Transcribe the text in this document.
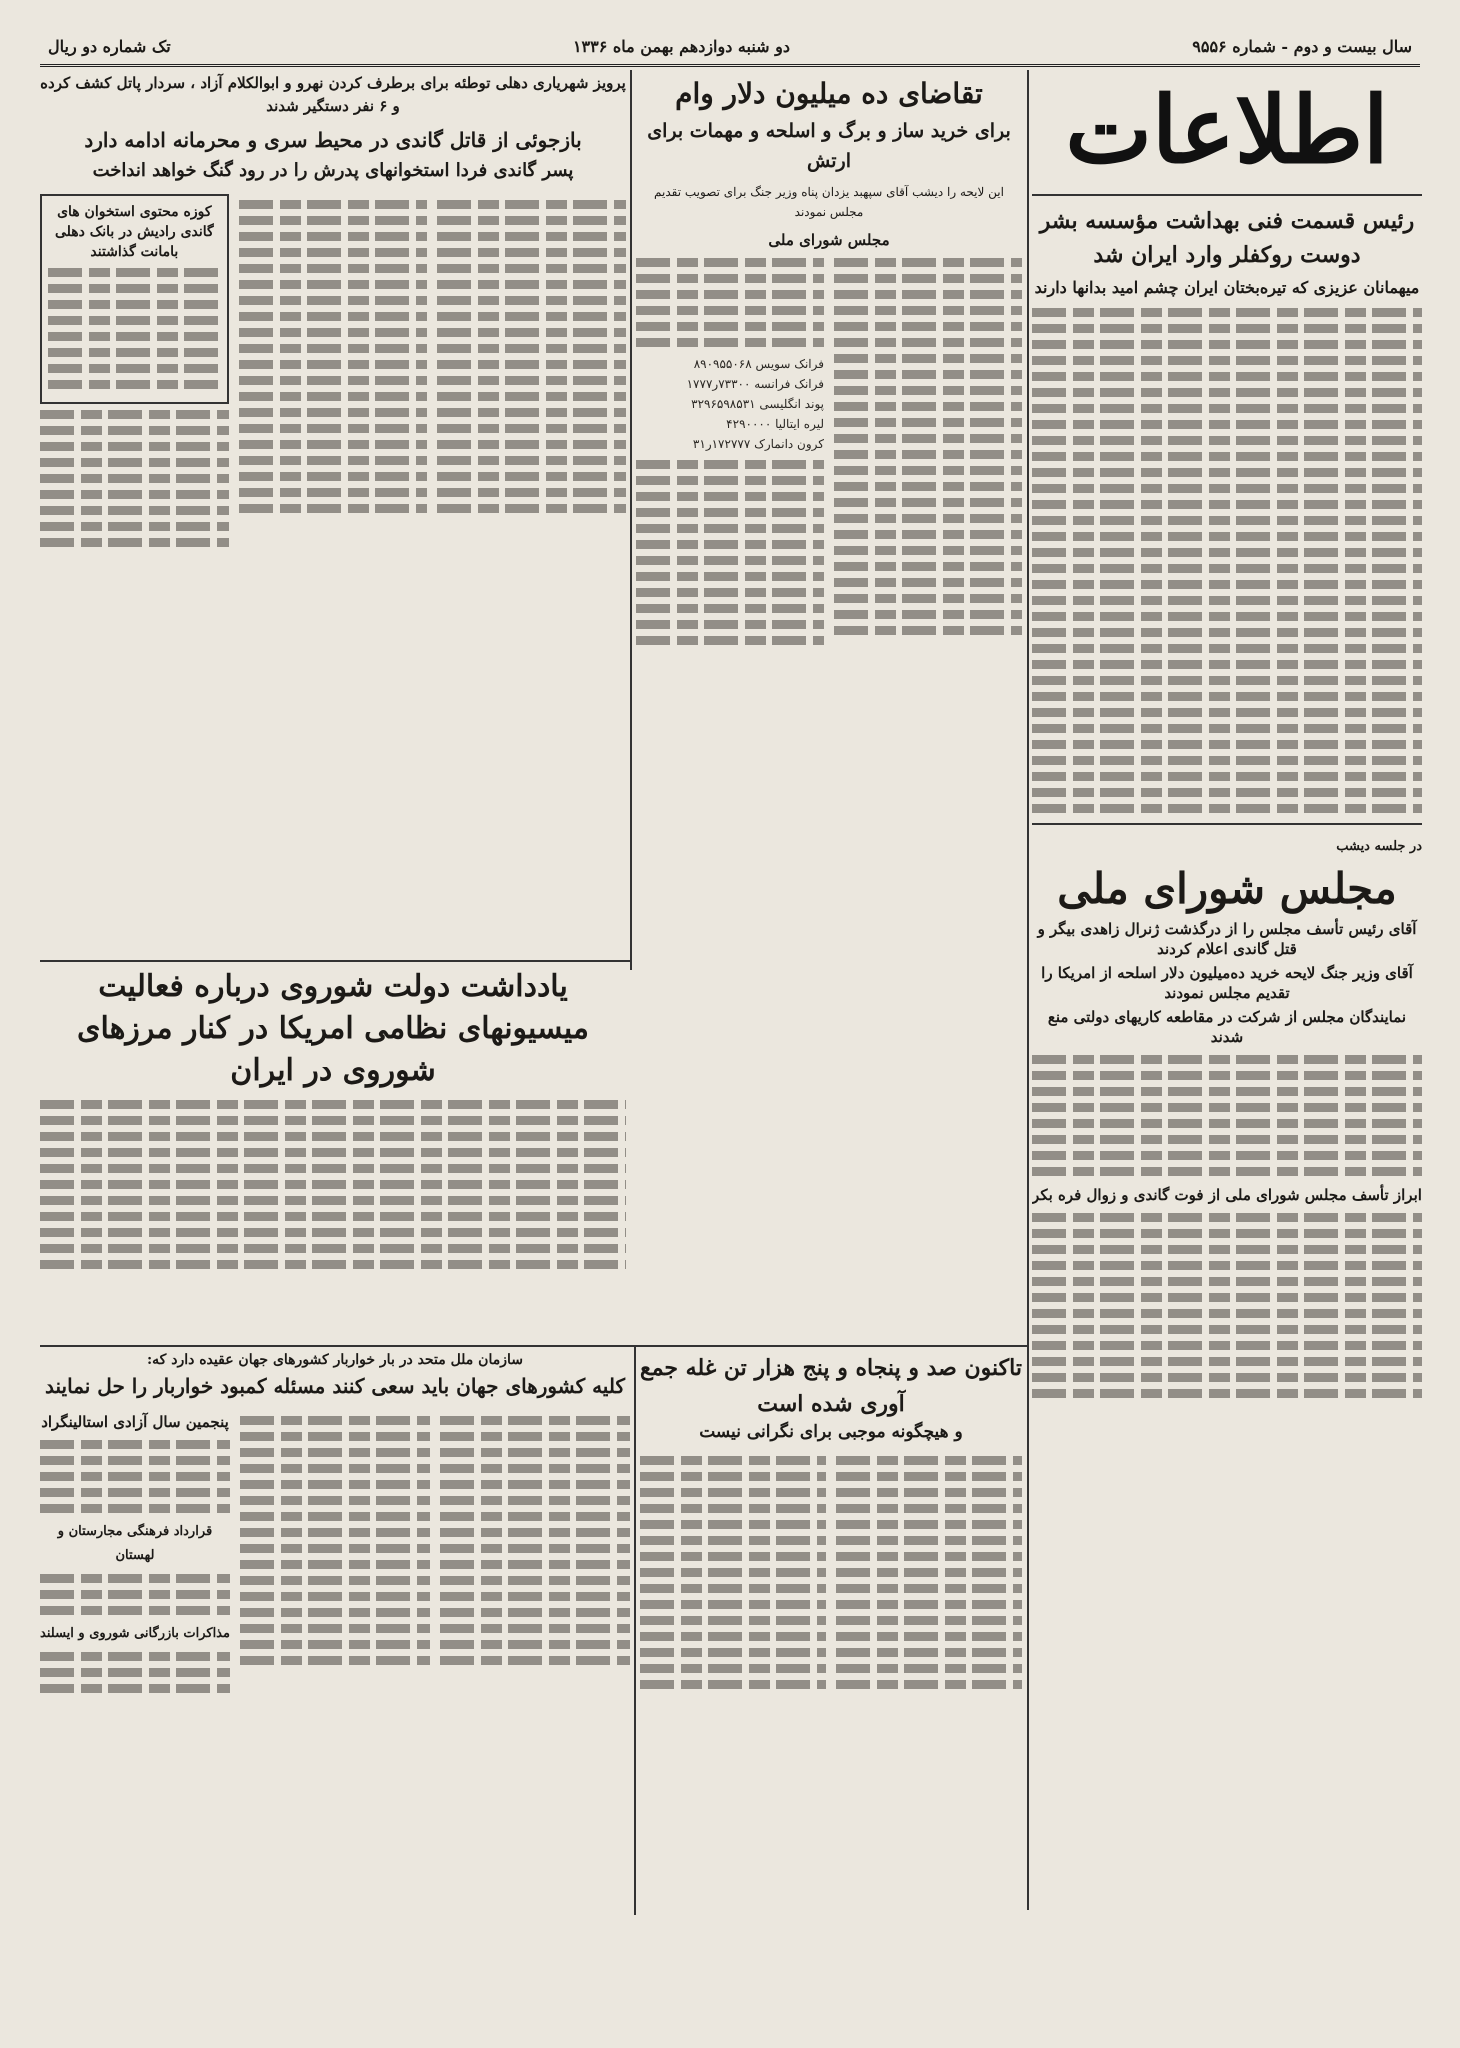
سال بیست و دوم - شماره ۹۵۵۶
دو شنبه دوازدهم بهمن ماه ۱۳۳۶
تک شماره دو ریال
اطلاعات
رئیس قسمت فنی بهداشت مؤسسه بشر دوست روکفلر وارد ایران شد
میهمانان عزیزی که تیره‌بختان ایران چشم امید بدانها دارند
در جلسه دیشب
مجلس شورای ملی
آقای رئیس تأسف مجلس را از درگذشت ژنرال زاهدی بیگر و قتل گاندی اعلام کردند
آقای وزیر جنگ لایحه خرید ده‌میلیون دلار اسلحه از امریکا را تقدیم مجلس نمودند
نمایندگان مجلس از شرکت در مقاطعه کاریهای دولتی منع شدند
ابراز تأسف مجلس شورای ملی از فوت گاندی و زوال فره بکر
تقاضای ده میلیون دلار وام
برای خرید ساز و برگ و اسلحه و مهمات برای ارتش
این لایحه را دیشب آقای سپهبد یزدان پناه وزیر جنگ برای تصویب تقدیم مجلس نمودند
مجلس شورای ملی
فرانک سویس ۸۹۰۹۵۵۰۶۸
فرانک فرانسه ۷۳۳۰۰ر۱۷۷۷
پوند انگلیسی ۳۲۹۶۵۹۸۵۳۱
لیره ایتالیا ۴۲۹۰۰۰۰
کرون دانمارک ۱۷۲۷۷۷ر۳۱
پرویز شهریاری دهلی توطئه برای برطرف کردن نهرو و ابوالکلام آزاد ، سردار پاتل کشف کرده و ۶ نفر دستگیر شدند
بازجوئی از قاتل گاندی در محیط سری و محرمانه ادامه دارد
پسر گاندی فردا استخوانهای پدرش را در رود گنگ خواهد انداخت
کوزه محتوی استخوان های گاندی رادیش در بانک دهلی بامانت گذاشتند
یادداشت دولت شوروی درباره فعالیت میسیونهای نظامی امریکا در کنار مرزهای شوروی در ایران
سازمان ملل متحد در بار خواربار کشورهای جهان عقیده دارد که:
کلیه کشورهای جهان باید سعی کنند مسئله کمبود خواربار را حل نمایند
پنجمین سال آزادی استالینگراد
قرارداد فرهنگی مجارستان و لهستان
مذاکرات بازرگانی شوروی و ایسلند
تاکنون صد و پنجاه و پنج هزار تن غله جمع آوری شده است
و هیچگونه موجبی برای نگرانی نیست
